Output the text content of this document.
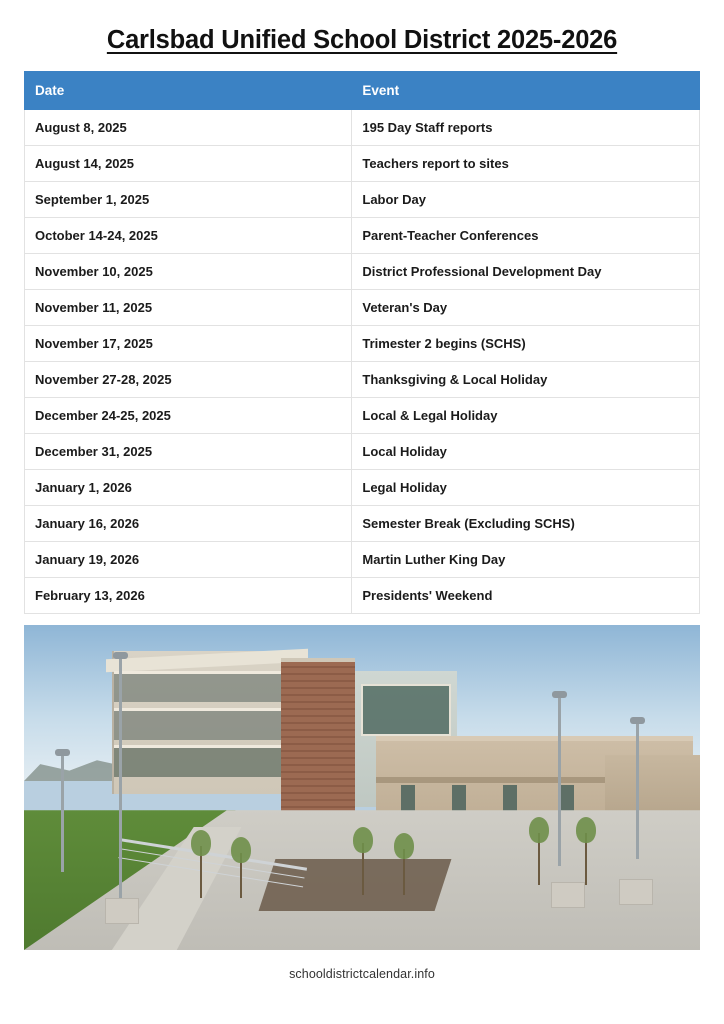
Carlsbad Unified School District 2025-2026
Date	Event
August 8, 2025	195 Day Staff reports
August 14, 2025	Teachers report to sites
September 1, 2025	Labor Day
October 14-24, 2025	Parent-Teacher Conferences
November 10, 2025	District Professional Development Day
November 11, 2025	Veteran's Day
November 17, 2025	Trimester 2 begins (SCHS)
November 27-28, 2025	Thanksgiving & Local Holiday
December 24-25, 2025	Local & Legal Holiday
December 31, 2025	Local Holiday
January 1, 2026	Legal Holiday
January 16, 2026	Semester Break (Excluding SCHS)
January 19, 2026	Martin Luther King Day
February 13, 2026	Presidents' Weekend
schooldistrictcalendar.info
